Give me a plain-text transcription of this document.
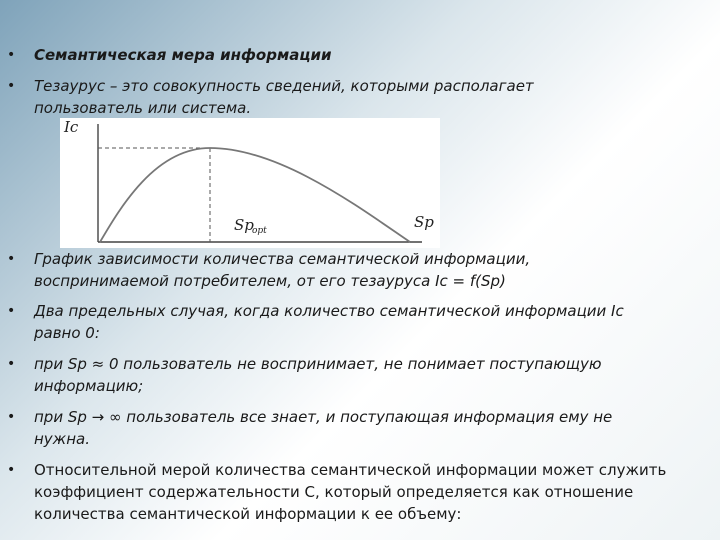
• Семантическая мера информации
• Тезаурус – это совокупность сведений, которыми располагает
пользователь или система.
Ic
Sp
opt	Sp
• График зависимости количества семантической информации,
воспринимаемой потребителем, от его тезауруса Ic = f(Sp)
• Два предельных случая, когда количество семантической информации Ic
равно 0:
• при Sp ≈ 0 пользователь не воспринимает, не понимает поступающую
информацию;
• при Sp → ∞ пользователь все знает, и поступающая информация ему не
нужна.
• Относительной мерой количества семантической информации может служить
коэффициент содержательности С, который определяется как отношение
количества семантической информации к ее объему:
